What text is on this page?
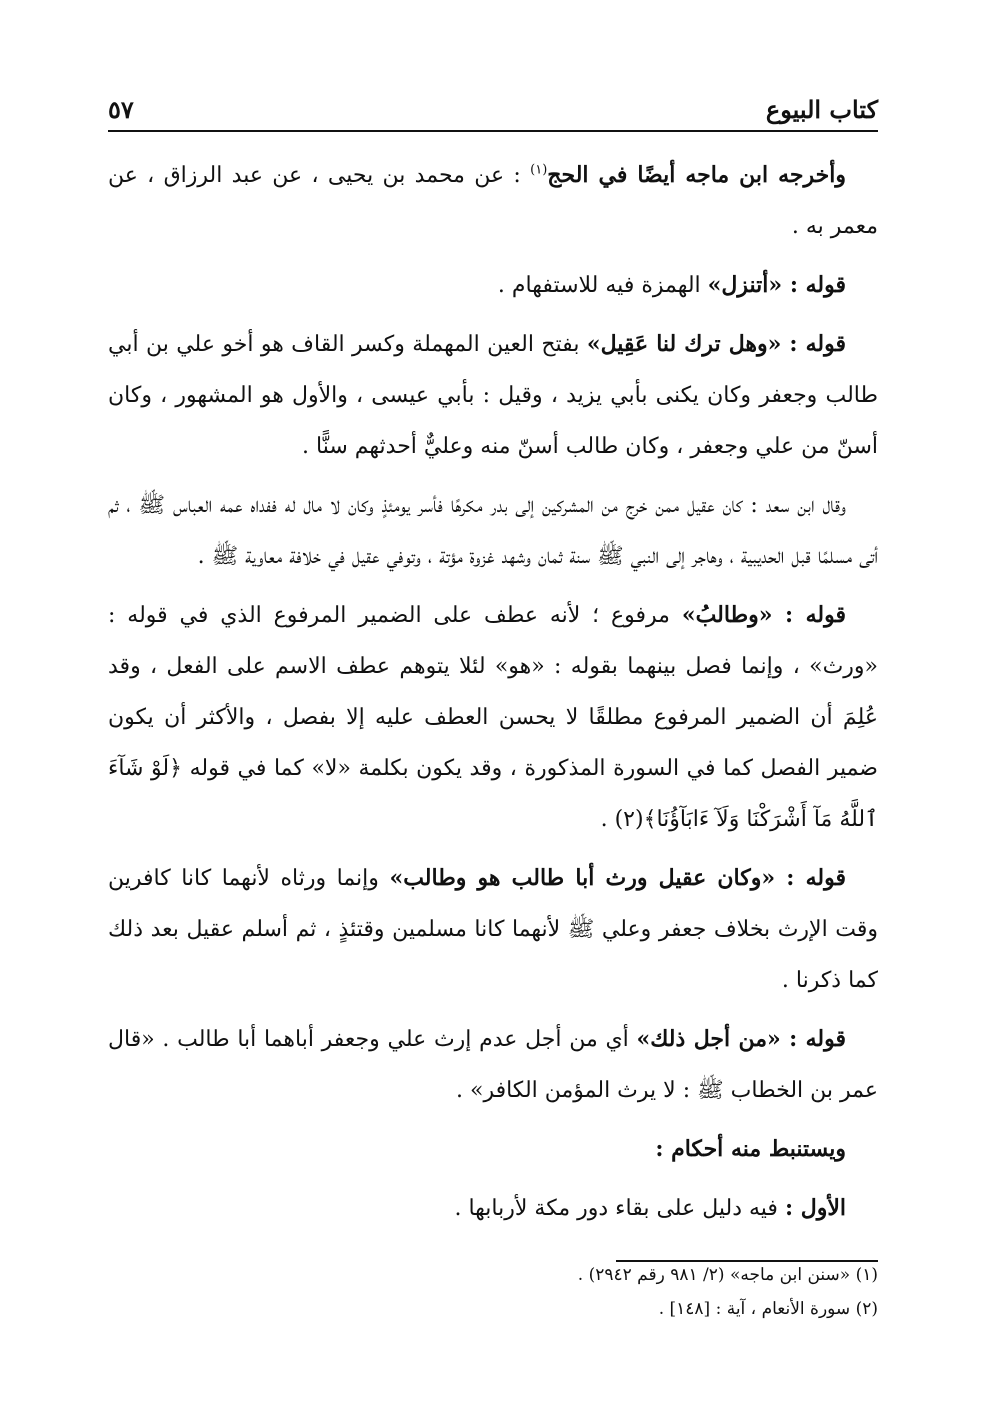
كتاب البيوع
٥٧

وأخرجه ابن ماجه أيضًا في الحج$^{(١)}$ : عن محمد بن يحيى ، عن عبد الرزاق ، عن معمر به .

قوله : «أتنزل» الهمزة فيه للاستفهام .

قوله : «وهل ترك لنا عَقِيل» بفتح العين المهملة وكسر القاف هو أخو علي بن أبي طالب وجعفر وكان يكنى بأبي يزيد ، وقيل : بأبي عيسى ، والأول هو المشهور ، وكان أسنّ من علي وجعفر ، وكان طالب أسنّ منه وعليٌّ أحدثهم سنًّا .

وقال ابن سعد : كان عقيل ممن خرج من المشركين إلى بدر مكرهًا فأسر يومئذٍ وكان لا مال له ففداه عمه العباس ﷺ ، ثم أتى مسلمًا قبل الحديبية ، وهاجر إلى النبي ﷺ سنة ثمان وشهد غزوة مؤتة ، وتوفي عقيل في خلافة معاوية ﷺ .

قوله : «وطالبُ» مرفوع ؛ لأنه عطف على الضمير المرفوع الذي في قوله : «ورث» ، وإنما فصل بينهما بقوله : «هو» لئلا يتوهم عطف الاسم على الفعل ، وقد عُلِمَ أن الضمير المرفوع مطلقًا لا يحسن العطف عليه إلا بفصل ، والأكثر أن يكون ضمير الفصل كما في السورة المذكورة ، وقد يكون بكلمة «لا» كما في قوله ﴿لَوْ شَآءَ ٱللَّهُ مَآ أَشْرَكْنَا وَلَآ ءَابَآؤُنَا﴾(٢) .

قوله : «وكان عقيل ورث أبا طالب هو وطالب» وإنما ورثاه لأنهما كانا كافرين وقت الإرث بخلاف جعفر وعلي ﷺ لأنهما كانا مسلمين وقتئذٍ ، ثم أسلم عقيل بعد ذلك كما ذكرنا .

قوله : «من أجل ذلك» أي من أجل عدم إرث علي وجعفر أباهما أبا طالب . «قال عمر بن الخطاب ﷺ : لا يرث المؤمن الكافر» .

ويستنبط منه أحكام :

الأول : فيه دليل على بقاء دور مكة لأربابها .

(١) «سنن ابن ماجه» (٢/ ٩٨١ رقم ٢٩٤٢) .

(٢) سورة الأنعام ، آية : [١٤٨] .
